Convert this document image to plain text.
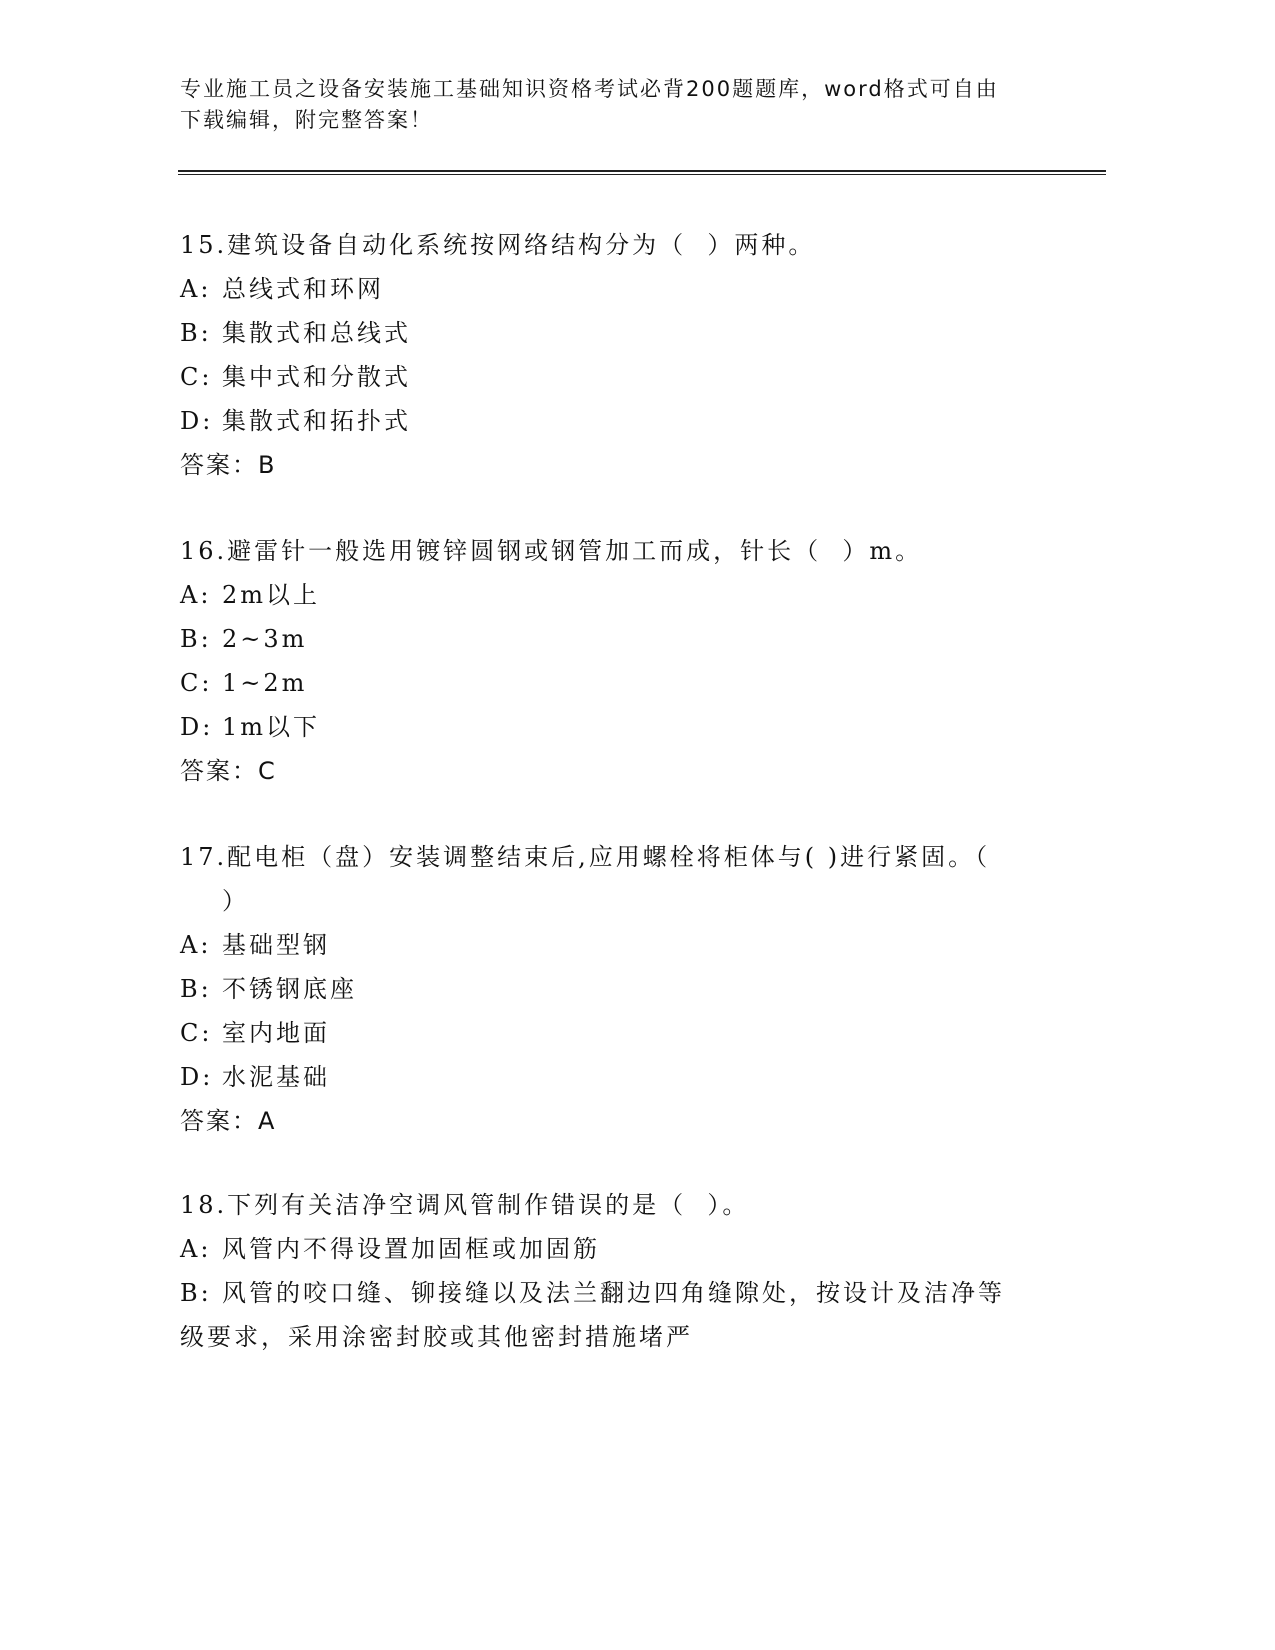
专业施工员之设备安装施工基础知识资格考试必背200题题库，word格式可自由
下载编辑，附完整答案！
15.建筑设备自动化系统按网络结构分为（  ）两种。
A: 总线式和环网
B: 集散式和总线式
C: 集中式和分散式
D: 集散式和拓扑式
答案：B
16.避雷针一般选用镀锌圆钢或钢管加工而成，针长（  ）m。
A: 2m以上
B: 2~3m
C: 1~2m
D: 1m以下
答案：C
17.配电柜（盘）安装调整结束后,应用螺栓将柜体与( )进行紧固。（
）
A: 基础型钢
B: 不锈钢底座
C: 室内地面
D: 水泥基础
答案：A
18.下列有关洁净空调风管制作错误的是（  ）。
A: 风管内不得设置加固框或加固筋
B: 风管的咬口缝、铆接缝以及法兰翻边四角缝隙处，按设计及洁净等
级要求，采用涂密封胶或其他密封措施堵严
